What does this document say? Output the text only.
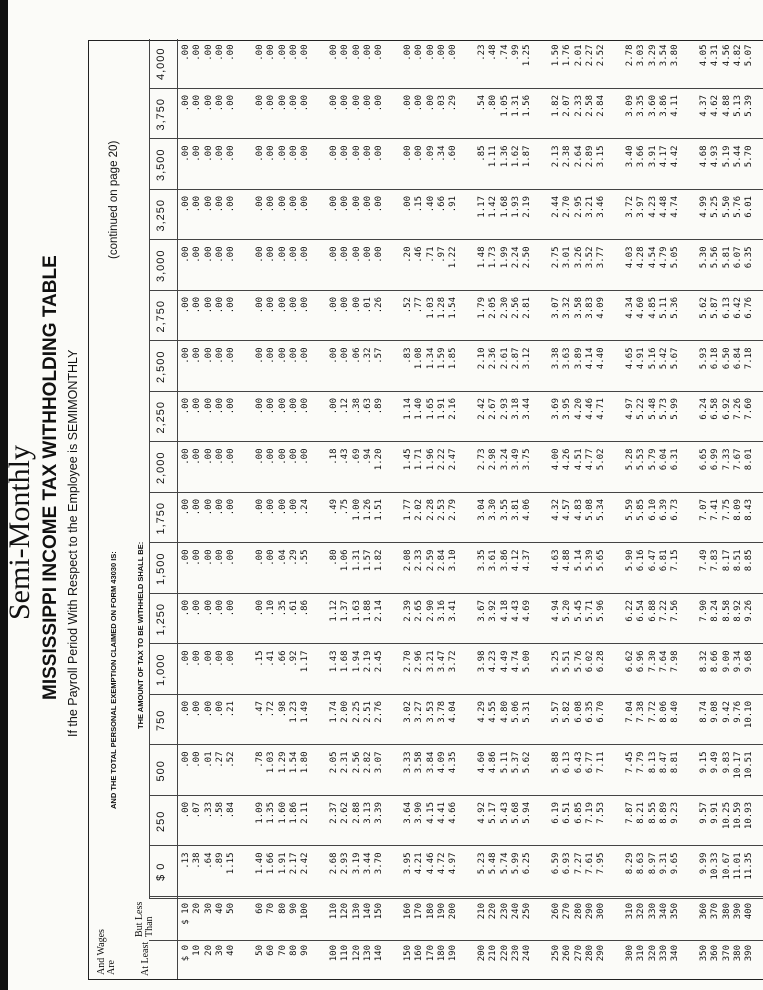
Semi-Monthly MISSISSIPPI INCOME TAX WITHHOLDING TABLE If the Payroll Period With Respect to the Employee is SEMIMONTHLY
(continued on page 20)
AND THE TOTAL PERSONAL EXEMPTION CLAIMED ON FORM 43030 IS: THE AMOUNT OF TAX TO BE WITHHELD SHALL BE:
And Wages Are At Least
But Less Than
$ 0
250
500
750
1,000
1,250
1,500
1,750
2,000
2,250
2,500
2,750
3,000
3,250
3,500
3,750
4,000
$ 0
10
20
30
40
$ 10
20
30
40
50
.13
.38
.64
.89
1.15
.00
.07
.33
.58
.84
.00
.00
.01
.27
.52
.00
.00
.00
.00
.21
.00
.00
.00
.00
.00
.00
.00
.00
.00
.00
.00
.00
.00
.00
.00
.00
.00
.00
.00
.00
.00
.00
.00
.00
.00
.00
.00
.00
.00
.00
.00
.00
.00
.00
.00
.00
.00
.00
.00
.00
.00
.00
.00
.00
.00
.00
.00
.00
.00
.00
.00
.00
.00
.00
.00
.00
.00
.00
.00
.00
.00
.00
.00
.00
.00
50
60
70
80
90
60
70
80
90
100
1.40
1.66
1.91
2.17
2.42
1.09
1.35
1.60
1.86
2.11
.78
1.03
1.29
1.54
1.80
.47
.72
.98
1.23
1.49
.15
.41
.66
.92
1.17
.00
.10
.35
.61
.86
.00
.00
.04
.29
.55
.00
.00
.00
.00
.24
.00
.00
.00
.00
.00
.00
.00
.00
.00
.00
.00
.00
.00
.00
.00
.00
.00
.00
.00
.00
.00
.00
.00
.00
.00
.00
.00
.00
.00
.00
.00
.00
.00
.00
.00
.00
.00
.00
.00
.00
.00
.00
.00
.00
.00
100
110
120
130
140
110
120
130
140
150
2.68
2.93
3.19
3.44
3.70
2.37
2.62
2.88
3.13
3.39
2.05
2.31
2.56
2.82
3.07
1.74
2.00
2.25
2.51
2.76
1.43
1.68
1.94
2.19
2.45
1.12
1.37
1.63
1.88
2.14
.80
1.06
1.31
1.57
1.82
.49
.75
1.00
1.26
1.51
.18
.43
.69
.94
1.20
.00
.12
.38
.63
.89
.00
.00
.06
.32
.57
.00
.00
.00
.01
.26
.00
.00
.00
.00
.00
.00
.00
.00
.00
.00
.00
.00
.00
.00
.00
.00
.00
.00
.00
.00
.00
.00
.00
.00
.00
150
160
170
180
190
160
170
180
190
200
3.95
4.21
4.46
4.72
4.97
3.64
3.90
4.15
4.41
4.66
3.33
3.58
3.84
4.09
4.35
3.02
3.27
3.53
3.78
4.04
2.70
2.96
3.21
3.47
3.72
2.39
2.65
2.90
3.16
3.41
2.08
2.33
2.59
2.84
3.10
1.77
2.02
2.28
2.53
2.79
1.45
1.71
1.96
2.22
2.47
1.14
1.40
1.65
1.91
2.16
.83
1.08
1.34
1.59
1.85
.52
.77
1.03
1.28
1.54
.20
.46
.71
.97
1.22
.00
.15
.40
.66
.91
.00
.00
.09
.34
.60
.00
.00
.00
.03
.29
.00
.00
.00
.00
.00
200
210
220
230
240
210
220
230
240
250
5.23
5.48
5.74
5.99
6.25
4.92
5.17
5.43
5.68
5.94
4.60
4.86
5.11
5.37
5.62
4.29
4.55
4.80
5.06
5.31
3.98
4.23
4.49
4.74
5.00
3.67
3.92
4.18
4.43
4.69
3.35
3.61
3.86
4.12
4.37
3.04
3.30
3.55
3.81
4.06
2.73
2.98
3.24
3.49
3.75
2.42
2.67
2.93
3.18
3.44
2.10
2.36
2.61
2.87
3.12
1.79
2.05
2.30
2.56
2.81
1.48
1.73
1.99
2.24
2.50
1.17
1.42
1.68
1.93
2.19
.85
1.11
1.36
1.62
1.87
.54
.80
1.05
1.31
1.56
.23
.48
.74
.99
1.25
250
260
270
280
290
260
270
280
290
300
6.59
6.93
7.27
7.61
7.95
6.19
6.51
6.85
7.19
7.53
5.88
6.13
6.43
6.77
7.11
5.57
5.82
6.08
6.35
6.70
5.25
5.51
5.76
6.02
6.28
4.94
5.20
5.45
5.71
5.96
4.63
4.88
5.14
5.39
5.65
4.32
4.57
4.83
5.08
5.34
4.00
4.26
4.51
4.77
5.02
3.69
3.95
4.20
4.46
4.71
3.38
3.63
3.89
4.14
4.40
3.07
3.32
3.58
3.83
4.09
2.75
3.01
3.26
3.52
3.77
2.44
2.70
2.95
3.21
3.46
2.13
2.38
2.64
2.89
3.15
1.82
2.07
2.33
2.58
2.84
1.50
1.76
2.01
2.27
2.52
300
310
320
330
340
310
320
330
340
350
8.29
8.63
8.97
9.31
9.65
7.87
8.21
8.55
8.89
9.23
7.45
7.79
8.13
8.47
8.81
7.04
7.38
7.72
8.06
8.40
6.62
6.96
7.30
7.64
7.98
6.22
6.54
6.88
7.22
7.56
5.90
6.16
6.47
6.81
7.15
5.59
5.85
6.10
6.39
6.73
5.28
5.53
5.79
6.04
6.31
4.97
5.22
5.48
5.73
5.99
4.65
4.91
5.16
5.42
5.67
4.34
4.60
4.85
5.11
5.36
4.03
4.28
4.54
4.79
5.05
3.72
3.97
4.23
4.48
4.74
3.40
3.66
3.91
4.17
4.42
3.09
3.35
3.60
3.86
4.11
2.78
3.03
3.29
3.54
3.80
350
360
370
380
390
360
370
380
390
400
9.99
10.33
10.67
11.01
11.35
9.57
9.91
10.25
10.59
10.93
9.15
9.49
9.83
10.17
10.51
8.74
9.08
9.42
9.76
10.10
8.32
8.66
9.00
9.34
9.68
7.90
8.24
8.58
8.92
9.26
7.49
7.83
8.17
8.51
8.85
7.07
7.41
7.75
8.09
8.43
6.65
6.99
7.33
7.67
8.01
6.24
6.58
6.92
7.26
7.60
5.93
6.18
6.50
6.84
7.18
5.62
5.87
6.13
6.42
6.76
5.30
5.56
5.81
6.07
6.35
4.99
5.25
5.50
5.76
6.01
4.68
4.93
5.19
5.44
5.70
4.37
4.62
4.88
5.13
5.39
4.05
4.31
4.56
4.82
5.07
